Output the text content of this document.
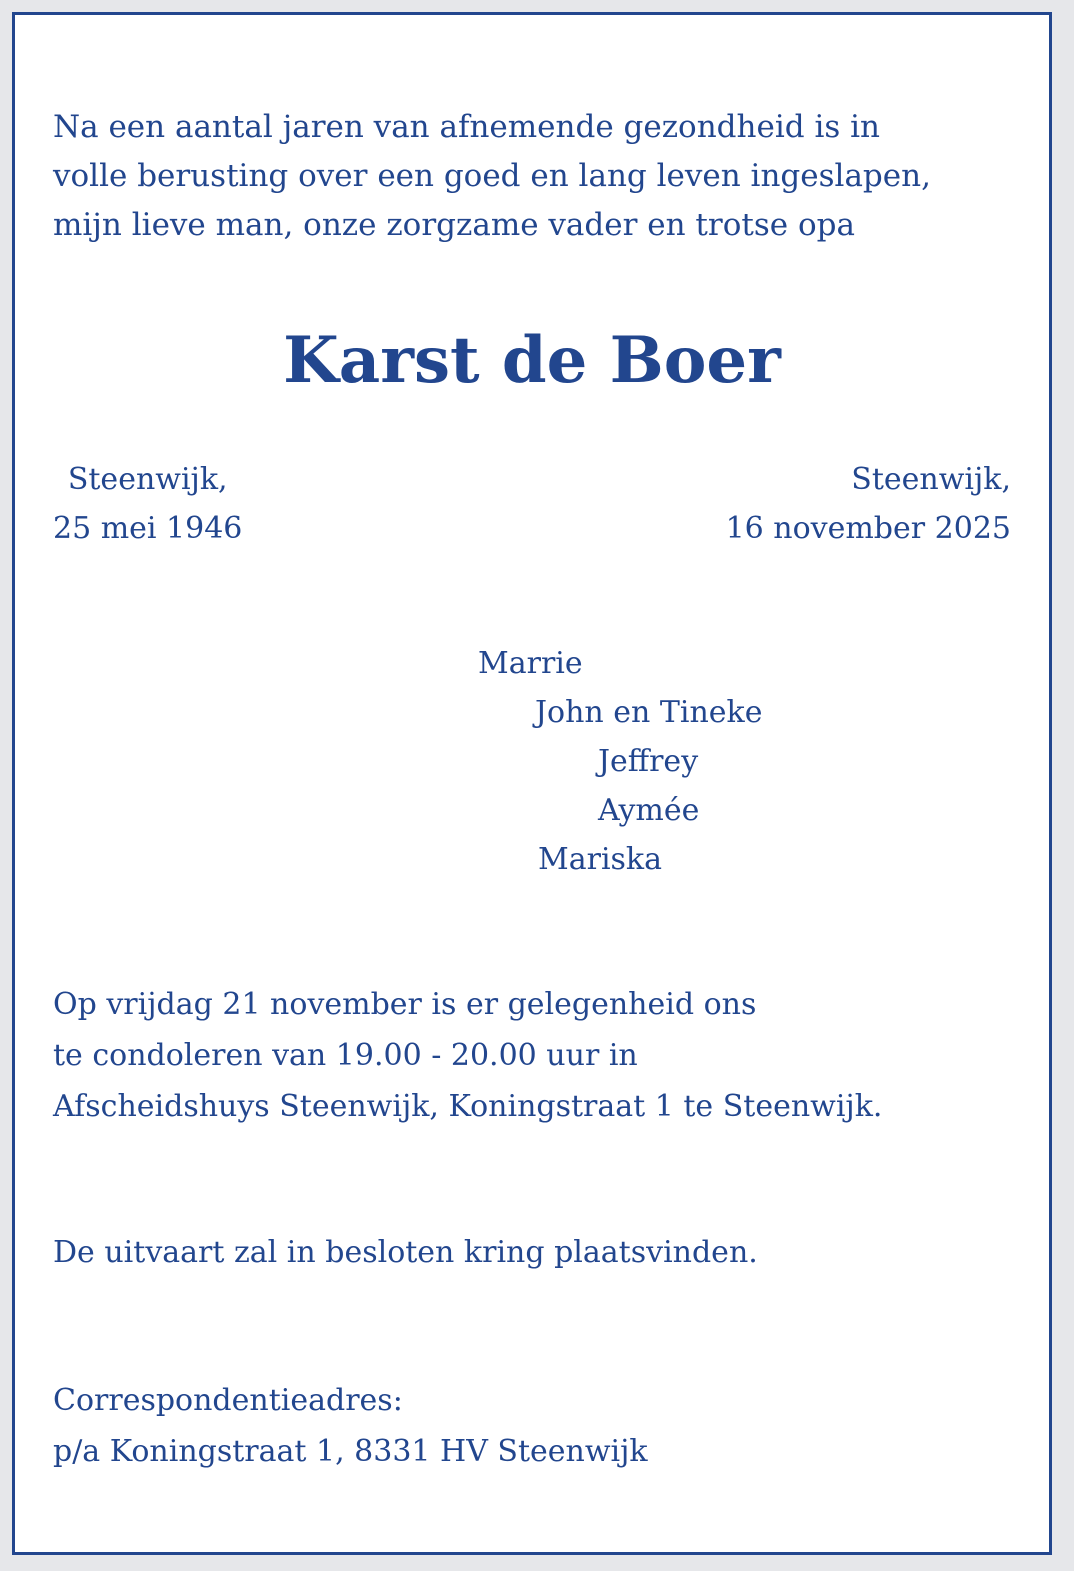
Na een aantal jaren van afnemende gezondheid is in
volle berusting over een goed en lang leven ingeslapen,
mijn lieve man, onze zorgzame vader en trotse opa
Karst de Boer
Steenwijk,
25 mei 1946
Steenwijk,
16 november 2025
Marrie
John en Tineke
Jeffrey
Aymée
Mariska
Op vrijdag 21 november is er gelegenheid ons
te condoleren van 19.00 - 20.00 uur in
Afscheidshuys Steenwijk, Koningstraat 1 te Steenwijk.
De uitvaart zal in besloten kring plaatsvinden.
Correspondentieadres:
p/a Koningstraat 1, 8331 HV Steenwijk
